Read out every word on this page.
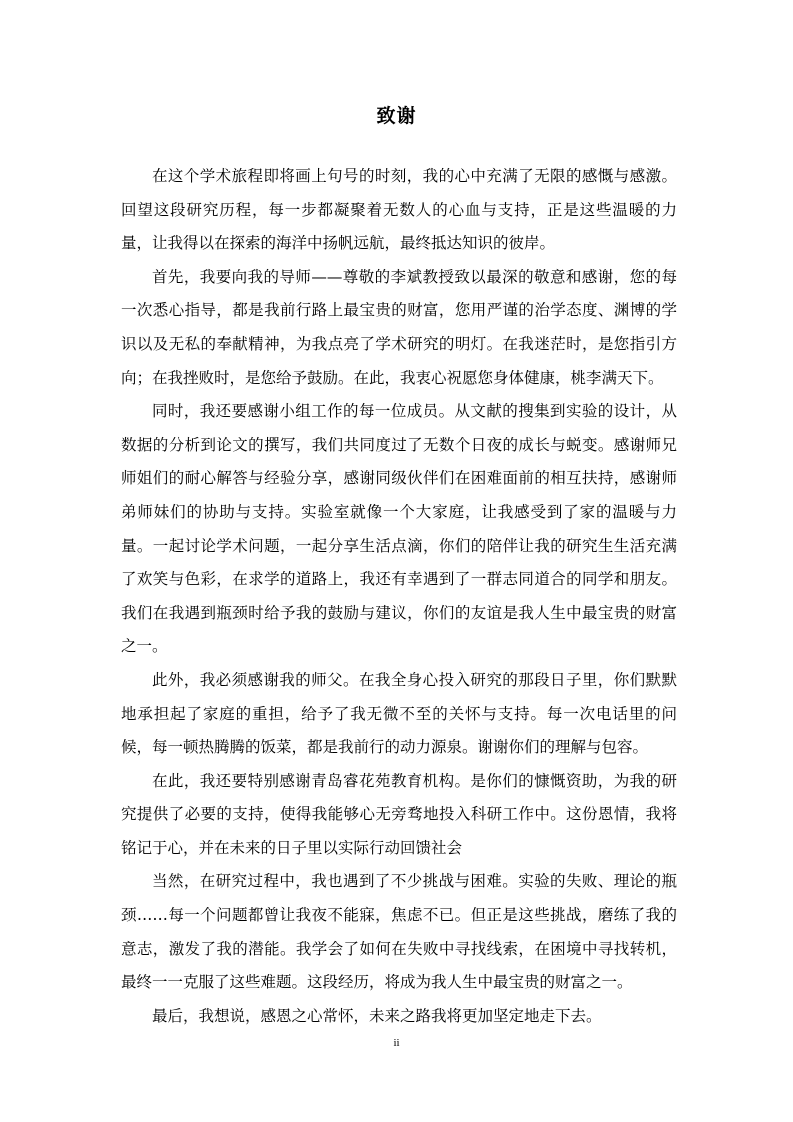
致谢

在这个学术旅程即将画上句号的时刻，我的心中充满了无限的感慨与感激。回望这段研究历程，每一步都凝聚着无数人的心血与支持，正是这些温暖的力量，让我得以在探索的海洋中扬帆远航，最终抵达知识的彼岸。

首先，我要向我的导师——尊敬的李斌教授致以最深的敬意和感谢，您的每一次悉心指导，都是我前行路上最宝贵的财富，您用严谨的治学态度、渊博的学识以及无私的奉献精神，为我点亮了学术研究的明灯。在我迷茫时，是您指引方向；在我挫败时，是您给予鼓励。在此，我衷心祝愿您身体健康，桃李满天下。

同时，我还要感谢小组工作的每一位成员。从文献的搜集到实验的设计，从数据的分析到论文的撰写，我们共同度过了无数个日夜的成长与蜕变。感谢师兄师姐们的耐心解答与经验分享，感谢同级伙伴们在困难面前的相互扶持，感谢师弟师妹们的协助与支持。实验室就像一个大家庭，让我感受到了家的温暖与力量。一起讨论学术问题，一起分享生活点滴，你们的陪伴让我的研究生生活充满了欢笑与色彩，在求学的道路上，我还有幸遇到了一群志同道合的同学和朋友。我们在我遇到瓶颈时给予我的鼓励与建议，你们的友谊是我人生中最宝贵的财富之一。

此外，我必须感谢我的师父。在我全身心投入研究的那段日子里，你们默默地承担起了家庭的重担，给予了我无微不至的关怀与支持。每一次电话里的问候，每一顿热腾腾的饭菜，都是我前行的动力源泉。谢谢你们的理解与包容。

在此，我还要特别感谢青岛睿花苑教育机构。是你们的慷慨资助，为我的研究提供了必要的支持，使得我能够心无旁骛地投入科研工作中。这份恩情，我将铭记于心，并在未来的日子里以实际行动回馈社会

当然，在研究过程中，我也遇到了不少挑战与困难。实验的失败、理论的瓶颈……每一个问题都曾让我夜不能寐，焦虑不已。但正是这些挑战，磨练了我的意志，激发了我的潜能。我学会了如何在失败中寻找线索，在困境中寻找转机，最终一一克服了这些难题。这段经历，将成为我人生中最宝贵的财富之一。

最后，我想说，感恩之心常怀，未来之路我将更加坚定地走下去。

ii
